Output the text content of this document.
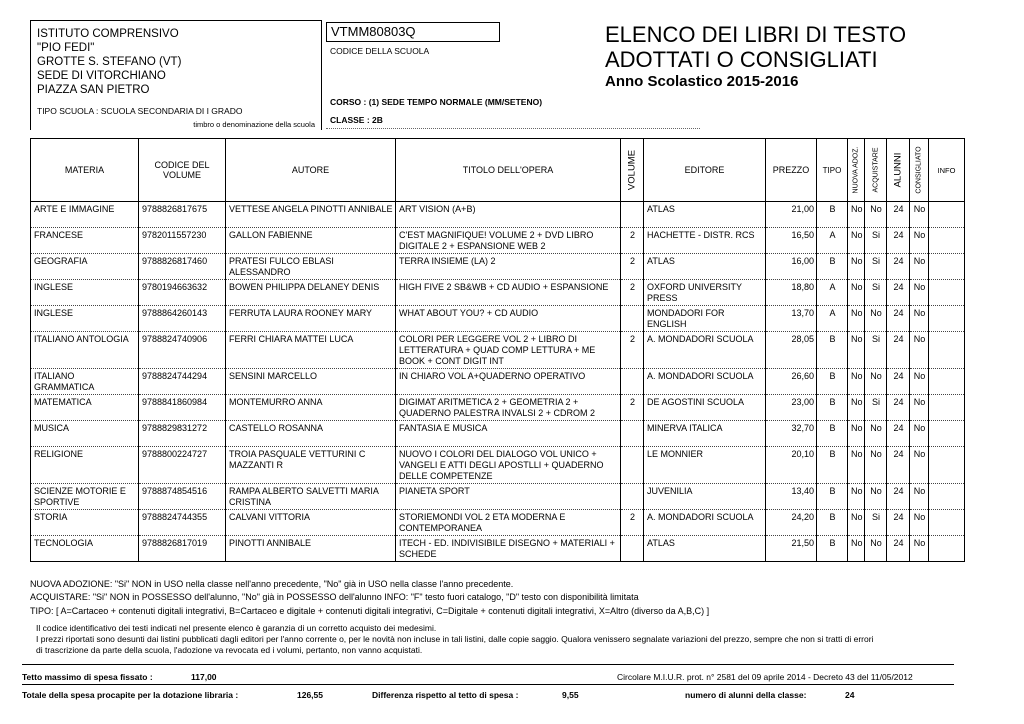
ISTITUTO COMPRENSIVO
"PIO FEDI"
GROTTE S. STEFANO (VT)
SEDE DI VITORCHIANO
PIAZZA SAN PIETRO
TIPO SCUOLA : SCUOLA SECONDARIA DI I GRADO
timbro o denominazione della scuola
VTMM80803Q
CODICE DELLA SCUOLA
CORSO : (1) SEDE TEMPO NORMALE (MM/SETENO)
CLASSE : 2B
ELENCO DEI LIBRI DI TESTO
ADOTTATI O CONSIGLIATI
Anno Scolastico 2015-2016
MATERIA	CODICE DEL VOLUME	AUTORE	TITOLO DELL'OPERA	VOLUME	EDITORE	PREZZO	TIPO	NUOVA ADOZ.	ACQUISTARE	ALUNNI	CONSIGLIATO	INFO
ARTE E IMMAGINE	9788826817675	VETTESE ANGELA PINOTTI ANNIBALE	ART VISION (A+B)		ATLAS	21,00	B	No	No	24	No	
FRANCESE	9782011557230	GALLON FABIENNE	C'EST MAGNIFIQUE! VOLUME 2 + DVD LIBRO DIGITALE 2 + ESPANSIONE WEB 2	2	HACHETTE - DISTR. RCS	16,50	A	No	Si	24	No	
GEOGRAFIA	9788826817460	PRATESI FULCO EBLASI ALESSANDRO	TERRA INSIEME (LA) 2	2	ATLAS	16,00	B	No	Si	24	No	
INGLESE	9780194663632	BOWEN PHILIPPA DELANEY DENIS	HIGH FIVE 2 SB&WB + CD AUDIO + ESPANSIONE	2	OXFORD UNIVERSITY PRESS	18,80	A	No	Si	24	No	
INGLESE	9788864260143	FERRUTA LAURA ROONEY MARY	WHAT ABOUT YOU? + CD AUDIO		MONDADORI FOR ENGLISH	13,70	A	No	No	24	No	
ITALIANO ANTOLOGIA	9788824740906	FERRI CHIARA MATTEI LUCA	COLORI PER LEGGERE VOL 2 + LIBRO DI LETTERATURA + QUAD COMP LETTURA + ME BOOK + CONT DIGIT INT	2	A. MONDADORI SCUOLA	28,05	B	No	Si	24	No	
ITALIANO GRAMMATICA	9788824744294	SENSINI MARCELLO	IN CHIARO VOL A+QUADERNO OPERATIVO		A. MONDADORI SCUOLA	26,60	B	No	No	24	No	
MATEMATICA	9788841860984	MONTEMURRO ANNA	DIGIMAT ARITMETICA 2 + GEOMETRIA 2 + QUADERNO PALESTRA INVALSI 2 + CDROM 2	2	DE AGOSTINI SCUOLA	23,00	B	No	Si	24	No	
MUSICA	9788829831272	CASTELLO ROSANNA	FANTASIA E MUSICA		MINERVA ITALICA	32,70	B	No	No	24	No	
RELIGIONE	9788800224727	TROIA PASQUALE VETTURINI C MAZZANTI R	NUOVO I COLORI DEL DIALOGO VOL UNICO + VANGELI E ATTI DEGLI APOSTLLI + QUADERNO DELLE COMPETENZE		LE MONNIER	20,10	B	No	No	24	No	
SCIENZE MOTORIE E SPORTIVE	9788874854516	RAMPA ALBERTO SALVETTI MARIA CRISTINA	PIANETA SPORT		JUVENILIA	13,40	B	No	No	24	No	
STORIA	9788824744355	CALVANI VITTORIA	STORIEMONDI VOL 2 ETA MODERNA E CONTEMPORANEA	2	A. MONDADORI SCUOLA	24,20	B	No	Si	24	No	
TECNOLOGIA	9788826817019	PINOTTI ANNIBALE	ITECH - ED. INDIVISIBILE DISEGNO + MATERIALI + SCHEDE		ATLAS	21,50	B	No	No	24	No	
NUOVA ADOZIONE: "Si" NON in USO nella classe nell'anno precedente, "No" già in USO nella classe l'anno precedente.
ACQUISTARE: "Si" NON in POSSESSO dell'alunno, "No" già in POSSESSO dell'alunno INFO: "F" testo fuori catalogo, "D" testo con disponibilità limitata
TIPO: [ A=Cartaceo + contenuti digitali integrativi, B=Cartaceo e digitale + contenuti digitali integrativi, C=Digitale + contenuti digitali integrativi, X=Altro (diverso da A,B,C) ]
Il codice identificativo dei testi indicati nel presente elenco è garanzia di un corretto acquisto dei medesimi.
I prezzi riportati sono desunti dai listini pubblicati dagli editori per l'anno corrente o, per le novità non incluse in tali listini, dalle copie saggio. Qualora venissero segnalate variazioni del prezzo, sempre che non si tratti di errori
di trascrizione da parte della scuola, l'adozione va revocata ed i volumi, pertanto, non vanno acquistati.
Tetto massimo di spesa fissato :	117,00	Circolare M.I.U.R. prot. n° 2581 del 09 aprile 2014 - Decreto 43 del 11/05/2012
Totale della spesa procapite per la dotazione libraria :	126,55	Differenza rispetto al tetto di spesa :	9,55	numero di alunni della classe:	24
